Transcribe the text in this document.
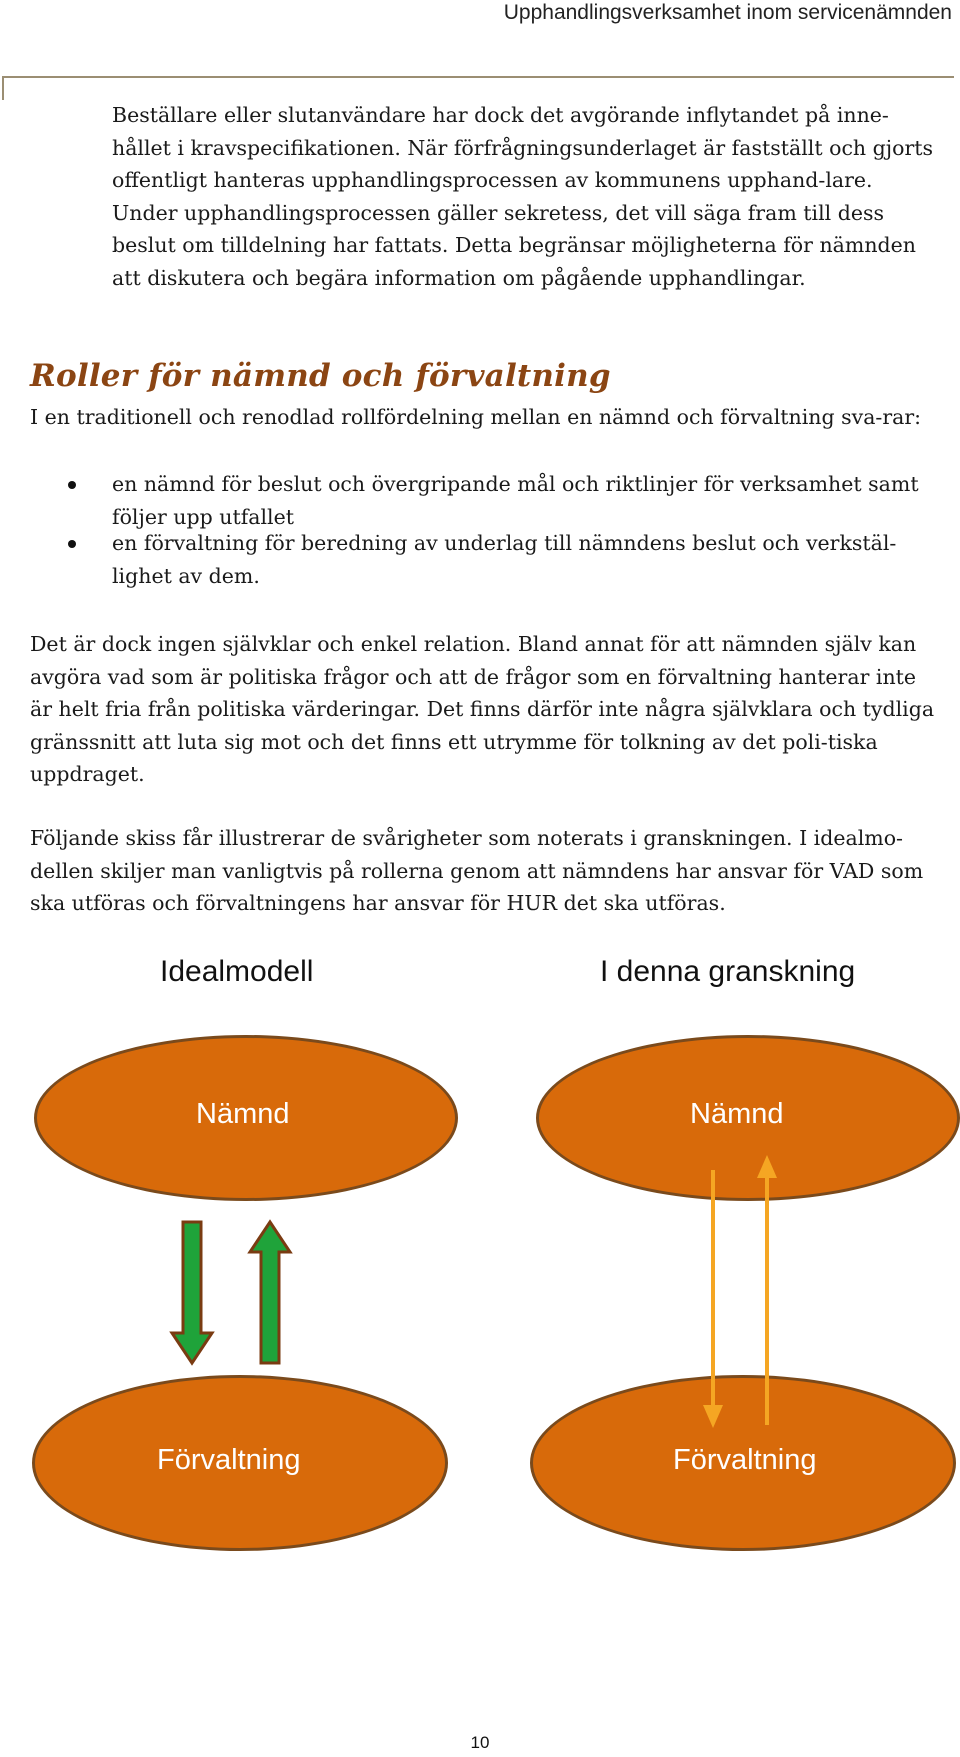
Upphandlingsverksamhet inom servicenämnden

Beställare eller slutanvändare har dock det avgörande inflytandet på inne-hållet i kravspecifikationen. När förfrågningsunderlaget är fastställt och gjorts offentligt hanteras upphandlingsprocessen av kommunens upphand-lare. Under upphandlingsprocessen gäller sekretess, det vill säga fram till dess beslut om tilldelning har fattats. Detta begränsar möjligheterna för nämnden att diskutera och begära information om pågående upphandlingar.

Roller för nämnd och förvaltning

I en traditionell och renodlad rollfördelning mellan en nämnd och förvaltning sva-rar:

en nämnd för beslut och övergripande mål och riktlinjer för verksamhet samt följer upp utfallet
en förvaltning för beredning av underlag till nämndens beslut och verkstäl-lighet av dem.

Det är dock ingen självklar och enkel relation. Bland annat för att nämnden själv kan avgöra vad som är politiska frågor och att de frågor som en förvaltning hanterar inte är helt fria från politiska värderingar. Det finns därför inte några självklara och tydliga gränssnitt att luta sig mot och det finns ett utrymme för tolkning av det poli-tiska uppdraget.

Följande skiss får illustrerar de svårigheter som noterats i granskningen. I idealmo-dellen skiljer man vanligtvis på rollerna genom att nämndens har ansvar för VAD som ska utföras och förvaltningens har ansvar för HUR det ska utföras.

Idealmodell	I denna granskning
Nämnd	Nämnd
Förvaltning	Förvaltning
10
